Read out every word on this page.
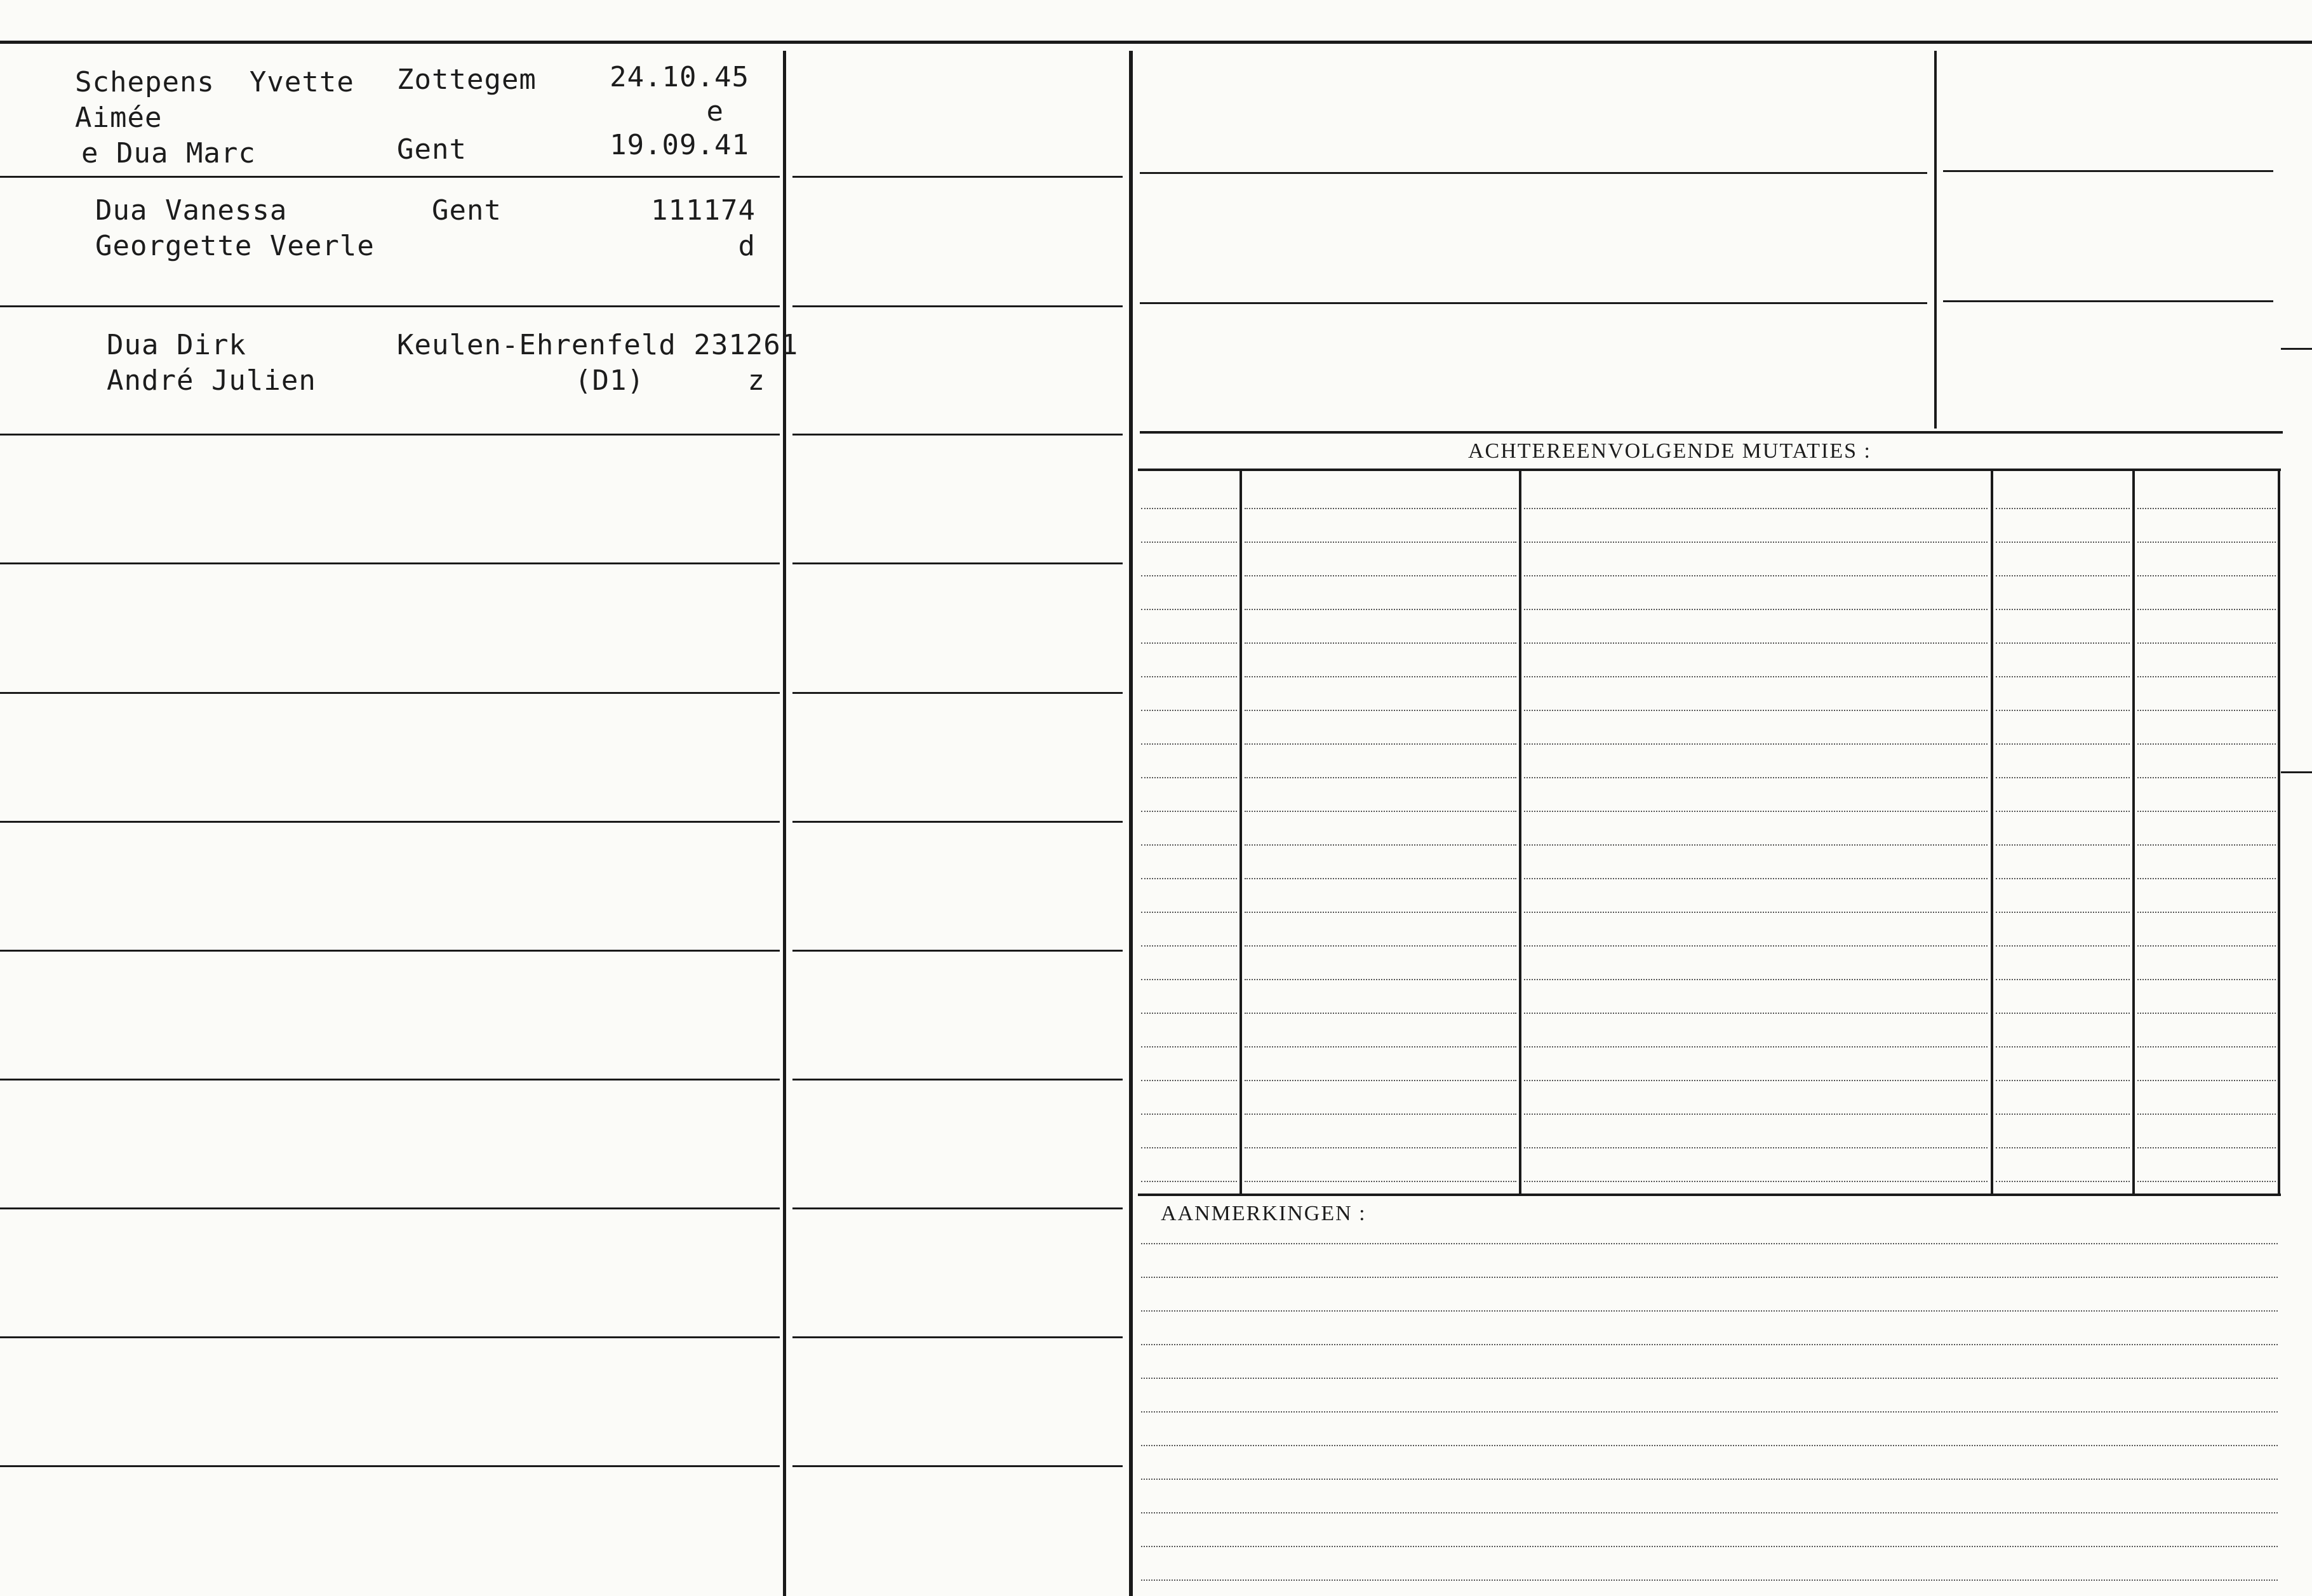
ACHTEREENVOLGENDE MUTATIES :
AANMERKINGEN :
Schepens  Yvette
Aimée
e Dua Marc
Zottegem
Gent
24.10.45
e
19.09.41
Dua Vanessa
Georgette Veerle
Gent	111174
d
Dua Dirk
André Julien
Keulen-Ehrenfeld 231261
(D1)	z
